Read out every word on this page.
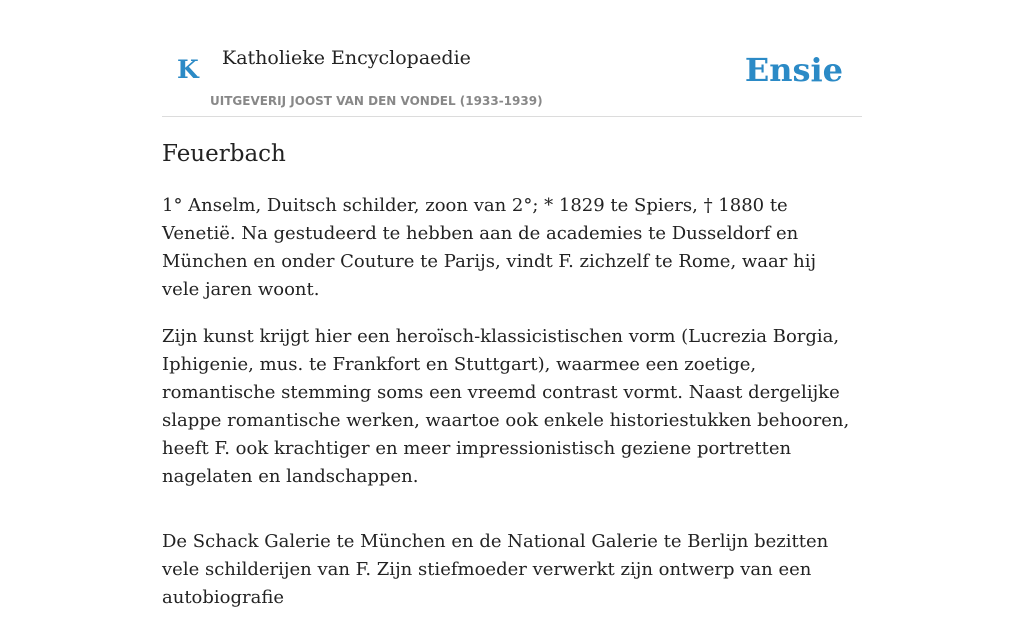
K Katholieke Encyclopaedie
UITGEVERIJ JOOST VAN DEN VONDEL (1933-1939)
Ensie
Feuerbach

1° Anselm, Duitsch schilder, zoon van 2°; * 1829 te Spiers, † 1880 te Venetië. Na gestudeerd te hebben aan de academies te Dusseldorf en München en onder Couture te Parijs, vindt F. zichzelf te Rome, waar hij vele jaren woont.

Zijn kunst krijgt hier een heroïsch-klassicistischen vorm (Lucrezia Borgia, Iphigenie, mus. te Frankfort en Stuttgart), waarmee een zoetige, romantische stemming soms een vreemd contrast vormt. Naast dergelijke slappe romantische werken, waartoe ook enkele historiestukken behooren, heeft F. ook krachtiger en meer impressionistisch geziene portretten nagelaten en landschappen.

De Schack Galerie te München en de National Galerie te Berlijn bezitten vele schilderijen van F. Zijn stiefmoeder verwerkt zijn ontwerp van een autobiografie
